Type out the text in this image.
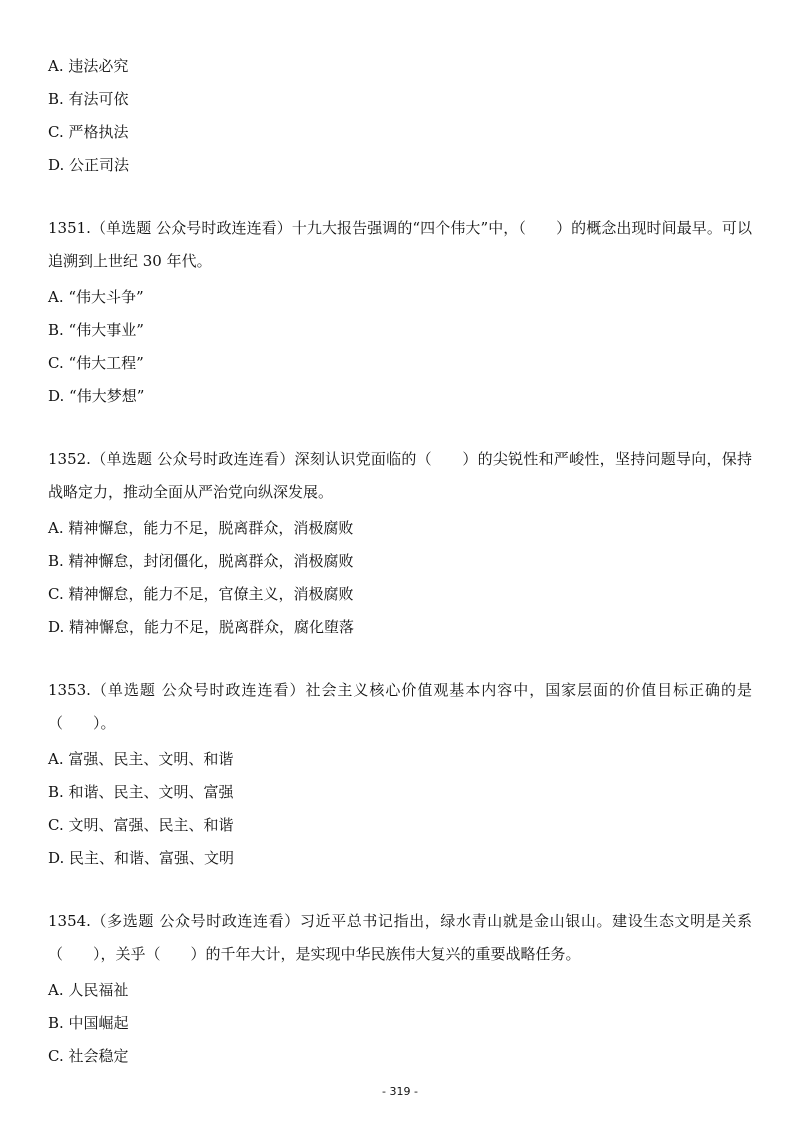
A. 违法必究
B. 有法可依
C. 严格执法
D. 公正司法
1351.（单选题 公众号时政连连看）十九大报告强调的“四个伟大”中，（　　）的概念出现时间最早。可以追溯到上世纪 30 年代。
A. “伟大斗争”
B. “伟大事业”
C. “伟大工程”
D. “伟大梦想”
1352.（单选题 公众号时政连连看）深刻认识党面临的（　　）的尖锐性和严峻性，坚持问题导向，保持战略定力，推动全面从严治党向纵深发展。
A. 精神懈怠，能力不足，脱离群众，消极腐败
B. 精神懈怠，封闭僵化，脱离群众，消极腐败
C. 精神懈怠，能力不足，官僚主义，消极腐败
D. 精神懈怠，能力不足，脱离群众，腐化堕落
1353.（单选题 公众号时政连连看）社会主义核心价值观基本内容中，国家层面的价值目标正确的是（　　）。
A. 富强、民主、文明、和谐
B. 和谐、民主、文明、富强
C. 文明、富强、民主、和谐
D. 民主、和谐、富强、文明
1354.（多选题 公众号时政连连看）习近平总书记指出，绿水青山就是金山银山。建设生态文明是关系（　　），关乎（　　）的千年大计，是实现中华民族伟大复兴的重要战略任务。
A. 人民福祉
B. 中国崛起
C. 社会稳定
- 319 -
